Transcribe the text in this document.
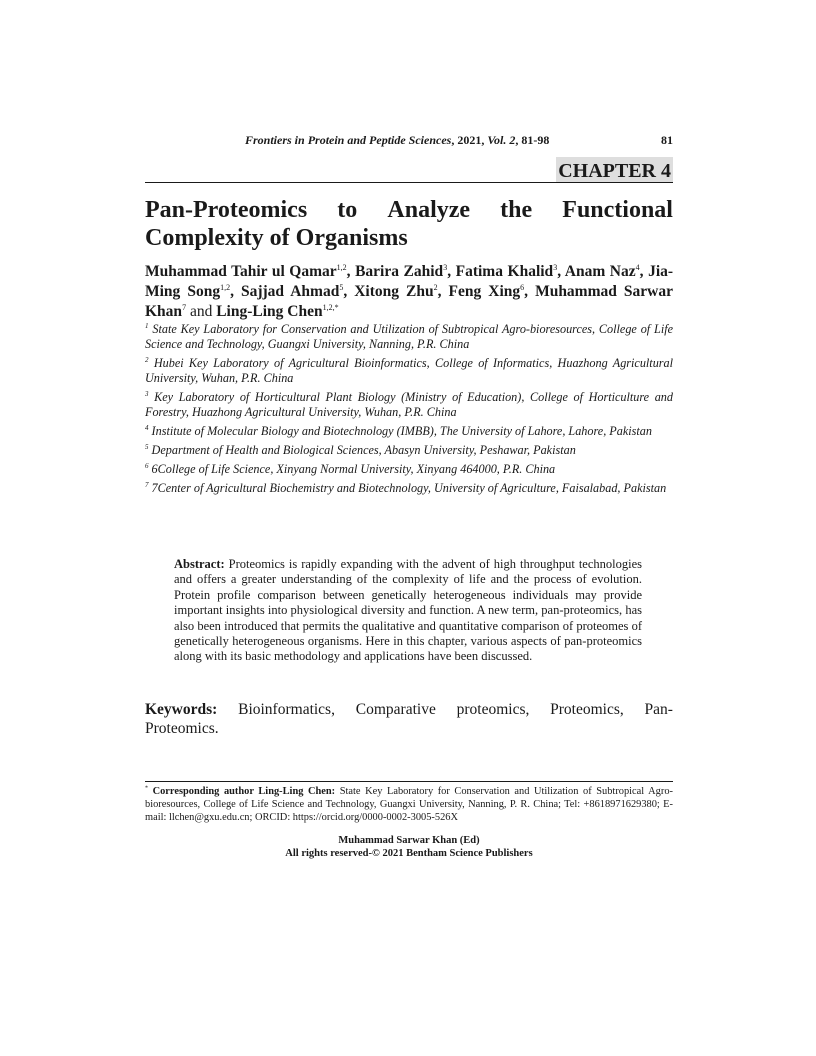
Frontiers in Protein and Peptide Sciences, 2021, Vol. 2, 81-98	81
CHAPTER 4
Pan-Proteomics to Analyze the Functional
Complexity of Organisms

Muhammad Tahir ul Qamar$^{1,2}$, Barira Zahid$^3$, Fatima Khalid$^3$, Anam Naz$^4$, Jia-Ming Song$^{1,2}$, Sajjad Ahmad$^5$, Xitong Zhu$^2$, Feng Xing$^6$, Muhammad Sarwar Khan$^7$ and Ling-Ling Chen$^{1,2,*}$

$^1$ State Key Laboratory for Conservation and Utilization of Subtropical Agro-bioresources, College of Life Science and Technology, Guangxi University, Nanning, P.R. China

$^2$ Hubei Key Laboratory of Agricultural Bioinformatics, College of Informatics, Huazhong Agricultural University, Wuhan, P.R. China

$^3$ Key Laboratory of Horticultural Plant Biology (Ministry of Education), College of Horticulture and Forestry, Huazhong Agricultural University, Wuhan, P.R. China

$^4$ Institute of Molecular Biology and Biotechnology (IMBB), The University of Lahore, Lahore, Pakistan

$^5$ Department of Health and Biological Sciences, Abasyn University, Peshawar, Pakistan

$^6$ 6College of Life Science, Xinyang Normal University, Xinyang 464000, P.R. China

$^7$ 7Center of Agricultural Biochemistry and Biotechnology, University of Agriculture, Faisalabad, Pakistan

Abstract: Proteomics is rapidly expanding with the advent of high throughput technologies and offers a greater understanding of the complexity of life and the process of evolution. Protein profile comparison between genetically heterogeneous individuals may provide important insights into physiological diversity and function. A new term, pan-proteomics, has also been introduced that permits the qualitative and quantitative comparison of proteomes of genetically heterogeneous organisms. Here in this chapter, various aspects of pan-proteomics along with its basic methodology and applications have been discussed.

Keywords: Bioinformatics, Comparative proteomics, Proteomics, Pan-
Proteomics.

* Corresponding author Ling-Ling Chen: State Key Laboratory for Conservation and Utilization of Subtropical Agro-bioresources, College of Life Science and Technology, Guangxi University, Nanning, P. R. China; Tel: +8618971629380; E-mail: llchen@gxu.edu.cn; ORCID: https://orcid.org/0000-0002-3005-526X

Muhammad Sarwar Khan (Ed)
All rights reserved-© 2021 Bentham Science Publishers
